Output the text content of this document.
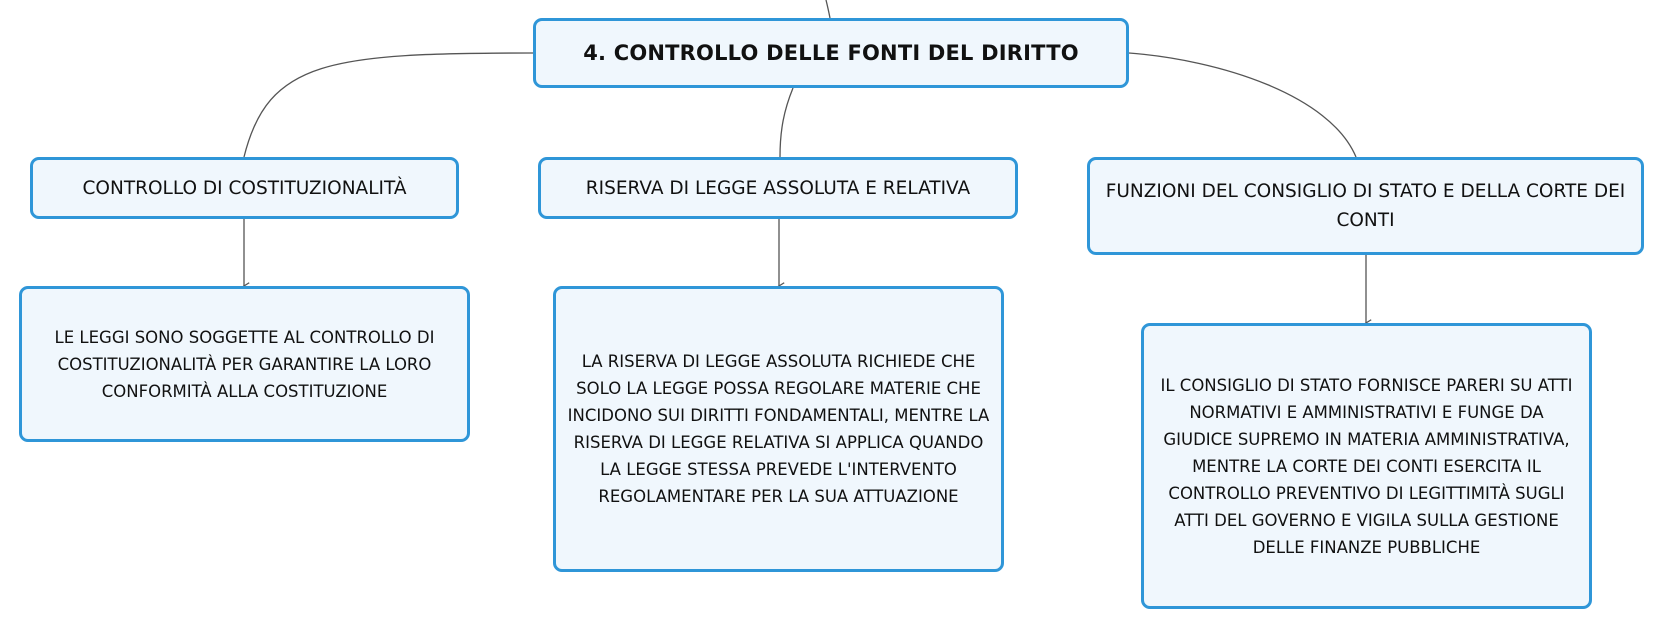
4. CONTROLLO DELLE FONTI DEL DIRITTO
CONTROLLO DI COSTITUZIONALITÀ	RISERVA DI LEGGE ASSOLUTA E RELATIVA	FUNZIONI DEL CONSIGLIO DI STATO E DELLA CORTE DEI CONTI
LE LEGGI SONO SOGGETTE AL CONTROLLO DI COSTITUZIONALITÀ PER GARANTIRE LA LORO CONFORMITÀ ALLA COSTITUZIONE
LA RISERVA DI LEGGE ASSOLUTA RICHIEDE CHE SOLO LA LEGGE POSSA REGOLARE MATERIE CHE INCIDONO SUI DIRITTI FONDAMENTALI, MENTRE LA RISERVA DI LEGGE RELATIVA SI APPLICA QUANDO LA LEGGE STESSA PREVEDE L'INTERVENTO REGOLAMENTARE PER LA SUA ATTUAZIONE
IL CONSIGLIO DI STATO FORNISCE PARERI SU ATTI NORMATIVI E AMMINISTRATIVI E FUNGE DA GIUDICE SUPREMO IN MATERIA AMMINISTRATIVA, MENTRE LA CORTE DEI CONTI ESERCITA IL CONTROLLO PREVENTIVO DI LEGITTIMITÀ SUGLI ATTI DEL GOVERNO E VIGILA SULLA GESTIONE DELLE FINANZE PUBBLICHE
